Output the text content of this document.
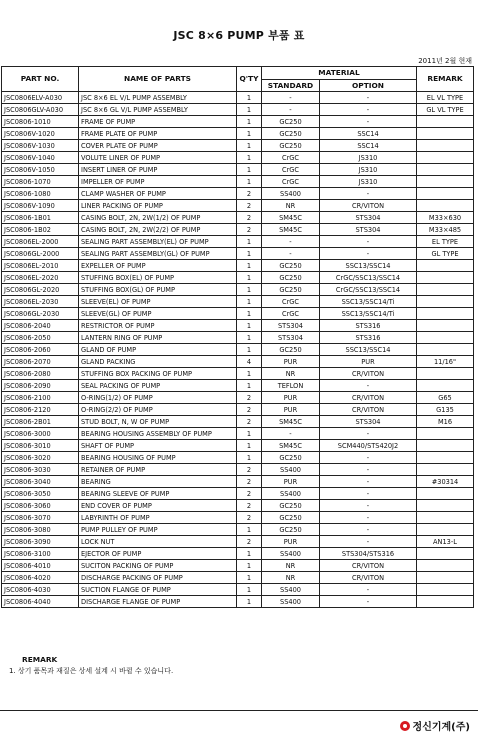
JSC 8×6 PUMP 부품 표
2011년 2월 현재
PART NO.	NAME OF PARTS	Q'TY	MATERIAL		REMARK
			STANDARD	OPTION	
JSC0806ELV-A030	JSC 8×6 EL V/L PUMP ASSEMBLY	1	-	-	EL VL TYPE
JSC0806GLV-A030	JSC 8×6 GL V/L PUMP ASSEMBLY	1	-	-	GL VL TYPE
JSC0806-1010	FRAME OF PUMP	1	GC250	-	
JSC0806V-1020	FRAME PLATE OF PUMP	1	GC250	SSC14	
JSC0806V-1030	COVER PLATE OF PUMP	1	GC250	SSC14	
JSC0806V-1040	VOLUTE LINER OF PUMP	1	CrGC	JS310	
JSC0806V-1050	INSERT LINER OF PUMP	1	CrGC	JS310	
JSC0806-1070	IMPELLER OF PUMP	1	CrGC	JS310	
JSC0806-1080	CLAMP WASHER OF PUMP	2	SS400	-	
JSC0806V-1090	LINER PACKING OF PUMP	2	NR	CR/VITON	
JSC0806-1B01	CASING BOLT, 2N, 2W(1/2) OF PUMP	2	SM45C	STS304	M33×630
JSC0806-1B02	CASING BOLT, 2N, 2W(2/2) OF PUMP	2	SM45C	STS304	M33×485
JSC0806EL-2000	SEALING PART ASSEMBLY(EL) OF PUMP	1	-	-	EL TYPE
JSC0806GL-2000	SEALING PART ASSEMBLY(GL) OF PUMP	1	-	-	GL TYPE
JSC0806EL-2010	EXPELLER OF PUMP	1	GC250	SSC13/SSC14	
JSC0806EL-2020	STUFFING BOX(EL) OF PUMP	1	GC250	CrGC/SSC13/SSC14	
JSC0806GL-2020	STUFFING BOX(GL) OF PUMP	1	GC250	CrGC/SSC13/SSC14	
JSC0806EL-2030	SLEEVE(EL) OF PUMP	1	CrGC	SSC13/SSC14/Ti	
JSC0806GL-2030	SLEEVE(GL) OF PUMP	1	CrGC	SSC13/SSC14/Ti	
JSC0806-2040	RESTRICTOR OF PUMP	1	STS304	STS316	
JSC0806-2050	LANTERN RING OF PUMP	1	STS304	STS316	
JSC0806-2060	GLAND OF PUMP	1	GC250	SSC13/SSC14	
JSC0806-2070	GLAND PACKING	4	PUR	PUR	11/16"
JSC0806-2080	STUFFING BOX PACKING OF PUMP	1	NR	CR/VITON	
JSC0806-2090	SEAL PACKING OF PUMP	1	TEFLON	-	
JSC0806-2100	O-RING(1/2) OF PUMP	2	PUR	CR/VITON	G65
JSC0806-2120	O-RING(2/2) OF PUMP	2	PUR	CR/VITON	G135
JSC0806-2B01	STUD BOLT, N, W OF PUMP	2	SM45C	STS304	M16
JSC0806-3000	BEARING HOUSING ASSEMBLY OF PUMP	1	-	-	
JSC0806-3010	SHAFT OF PUMP	1	SM45C	SCM440/STS420J2	
JSC0806-3020	BEARING HOUSING OF PUMP	1	GC250	-	
JSC0806-3030	RETAINER OF PUMP	2	SS400	-	
JSC0806-3040	BEARING	2	PUR	-	#30314
JSC0806-3050	BEARING SLEEVE OF PUMP	2	SS400	-	
JSC0806-3060	END COVER OF PUMP	2	GC250	-	
JSC0806-3070	LABYRINTH OF PUMP	2	GC250	-	
JSC0806-3080	PUMP PULLEY OF PUMP	1	GC250	-	
JSC0806-3090	LOCK NUT	2	PUR	-	AN13-L
JSC0806-3100	EJECTOR OF PUMP	1	SS400	STS304/STS316	
JSC0806-4010	SUCITON PACKING OF PUMP	1	NR	CR/VITON	
JSC0806-4020	DISCHARGE PACKING OF PUMP	1	NR	CR/VITON	
JSC0806-4030	SUCTION FLANGE OF PUMP	1	SS400	-	
JSC0806-4040	DISCHARGE FLANGE OF PUMP	1	SS400	-	
REMARK
1. 상기 품목과 재질은 상세 설계 시 바뀔 수 있습니다.
정신기계(주)
